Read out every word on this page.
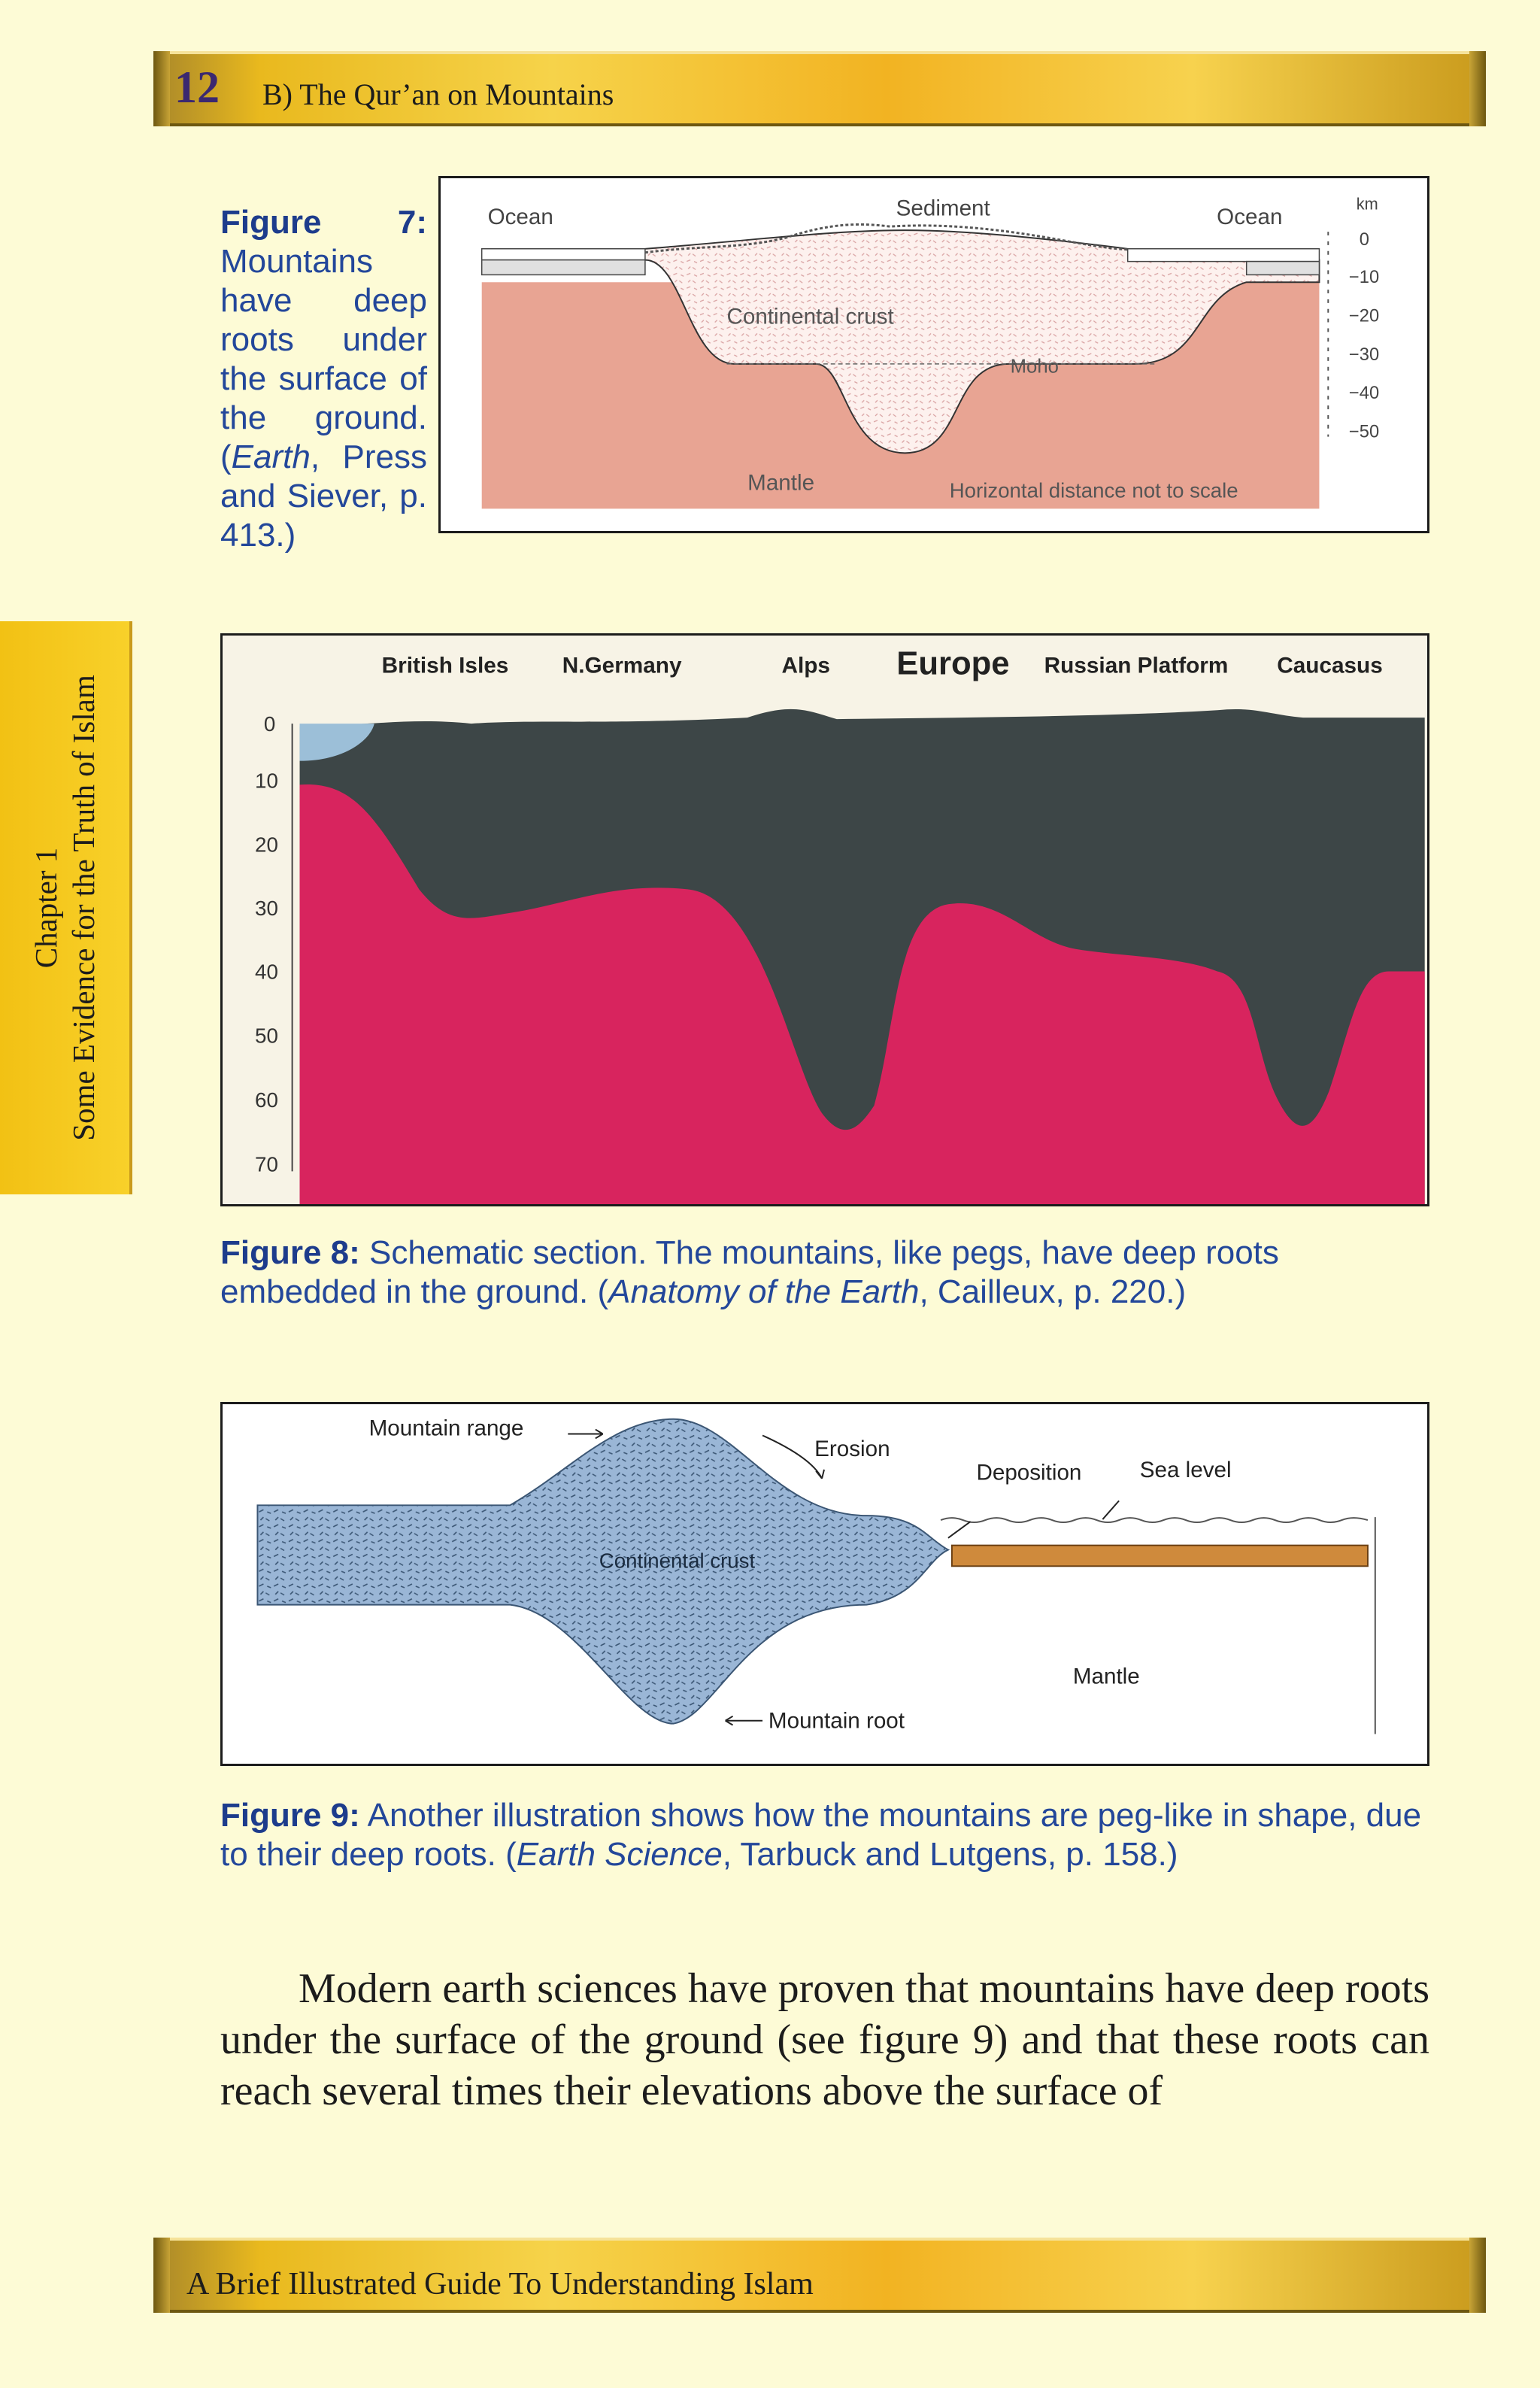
12 B) The Qur’an on Mountains
Chapter 1 Some Evidence for the Truth of Islam
Figure 7: Mountains have deep roots under the surface of the ground. (Earth, Press and Siever, p. 413.)
Ocean	Sediment	Ocean
Continental crust
Moho
Mantle	Horizontal distance not to scale
km
0
−10
−20
−30
−40
−50
0
10
20
30
40
50
60
70
British Isles N.Germany	Alps Europe Russian Platform Caucasus
Figure 8: Schematic section. The mountains, like pegs, have deep roots embedded in the ground. (Anatomy of the Earth, Cailleux, p. 220.)
Mountain range
Erosion
Deposition	Sea level
Continental crust
Mantle
Mountain root
Figure 9: Another illustration shows how the mountains are peg-like in shape, due to their deep roots. (Earth Science, Tarbuck and Lutgens, p. 158.)
Modern earth sciences have proven that mountains have deep roots under the surface of the ground (see figure 9) and that these roots can reach several times their elevations above the surface of
A Brief Illustrated Guide To Understanding Islam
